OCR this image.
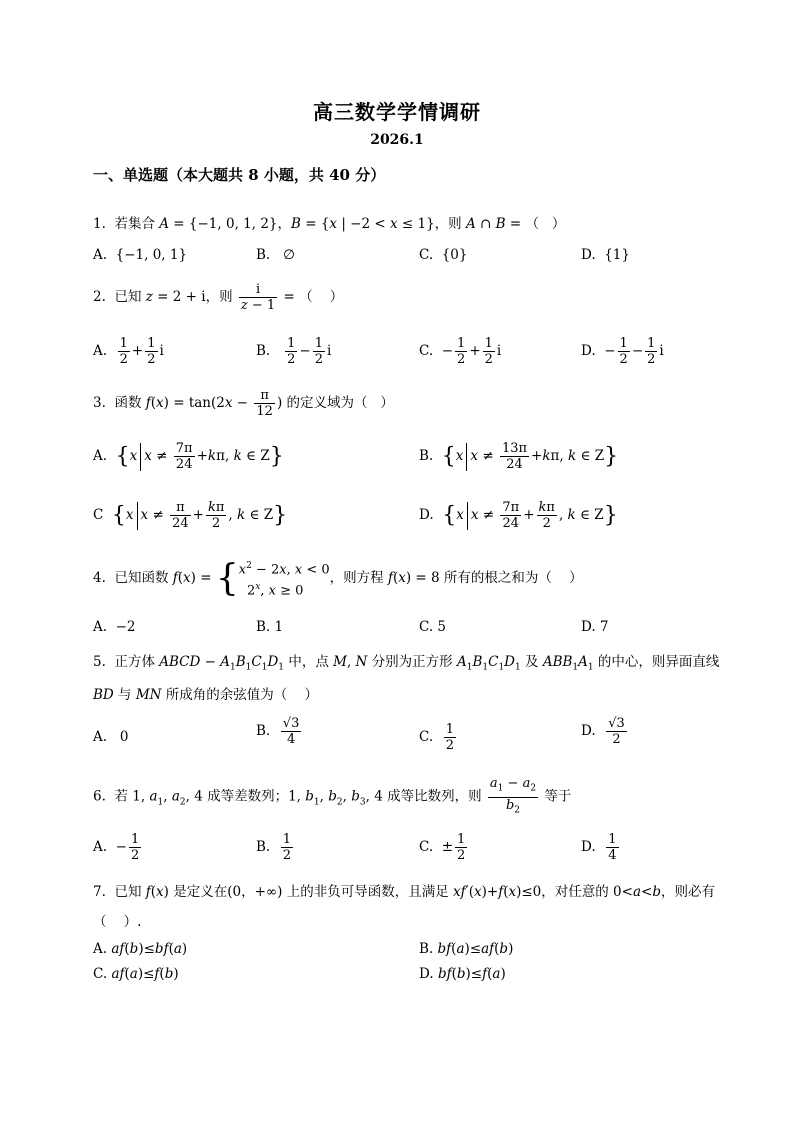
高三数学学情调研
2026.1
一、单选题（本大题共 8 小题，共 40 分）
1.  若集合 A = {−1, 0, 1, 2}，B = {x | −2 < x ≤ 1}，则 A ∩ B = （   ）
A.  {−1, 0, 1}	B.   ∅	C.  {0}	D.  {1}
2.  已知 z = 2 + i，则 $\frac{i}{z - 1}$ = （    ）
A. $\frac{1}{2} + \frac{1}{2}$ i	B. $\frac{1}{2} - \frac{1}{2}$ i	C.  − $\frac{1}{2} + \frac{1}{2}$ i	D.  − $\frac{1}{2} - \frac{1}{2}$ i
3.  函数 $f(x) = \tan(2x - \frac{\pi}{12}$ ) 的定义域为（   ）
A.  {x $x \ne \frac{7\pi}{24} +k\pi$, k ∈ Z}	B.  {x $x \ne \frac{13\pi}{24} +k\pi$, k ∈ Z}
C  {x $x \ne \frac{\pi}{24} + \frac{k\pi}{2}$ , k ∈ Z}	D.  {x $x \ne \frac{7\pi}{24} + \frac{k\pi}{2}$ , k ∈ Z}
4.  已知函数 $f(x) = \{x^2 - 2x$, x < 0
2$^x$, x ≥ 0，则方程 f(x) = 8 所有的根之和为（    ）
A.  −2	B. 1	C. 5	D. 7
5.  正方体 ABCD − $A_1B_1C_1D_1$ 中，点 M, N 分别为正方形 $A_1B_1C_1D_1$ 及 $ABB_1A_1$ 的中心，则异面直线
BD 与 MN 所成角的余弦值为（    ）
A.   0	B. $\frac{√3}{4}$	C. $\frac{1}{2}$	D. $\frac{√3}{2}$
6.  若 1, $a_1$, $a_2$, 4 成等差数列；1, $b_1$, $b_2$, $b_3$, 4 成等比数列，则 $\frac{a_1 - a_2}{b_2}$ 等于
A.  − $\frac{1}{2}$	B. $\frac{1}{2}$	C.  ± $\frac{1}{2}$	D. $\frac{1}{4}$
7.  已知 f(x) 是定义在(0，+∞) 上的非负可导函数，且满足 xf′(x)+f(x)≤0，对任意的 0<a<b，则必有
（    ）.
A. af(b)≤bf(a)	B. bf(a)≤af(b)
C. af(a)≤f(b)	D. bf(b)≤f(a)
